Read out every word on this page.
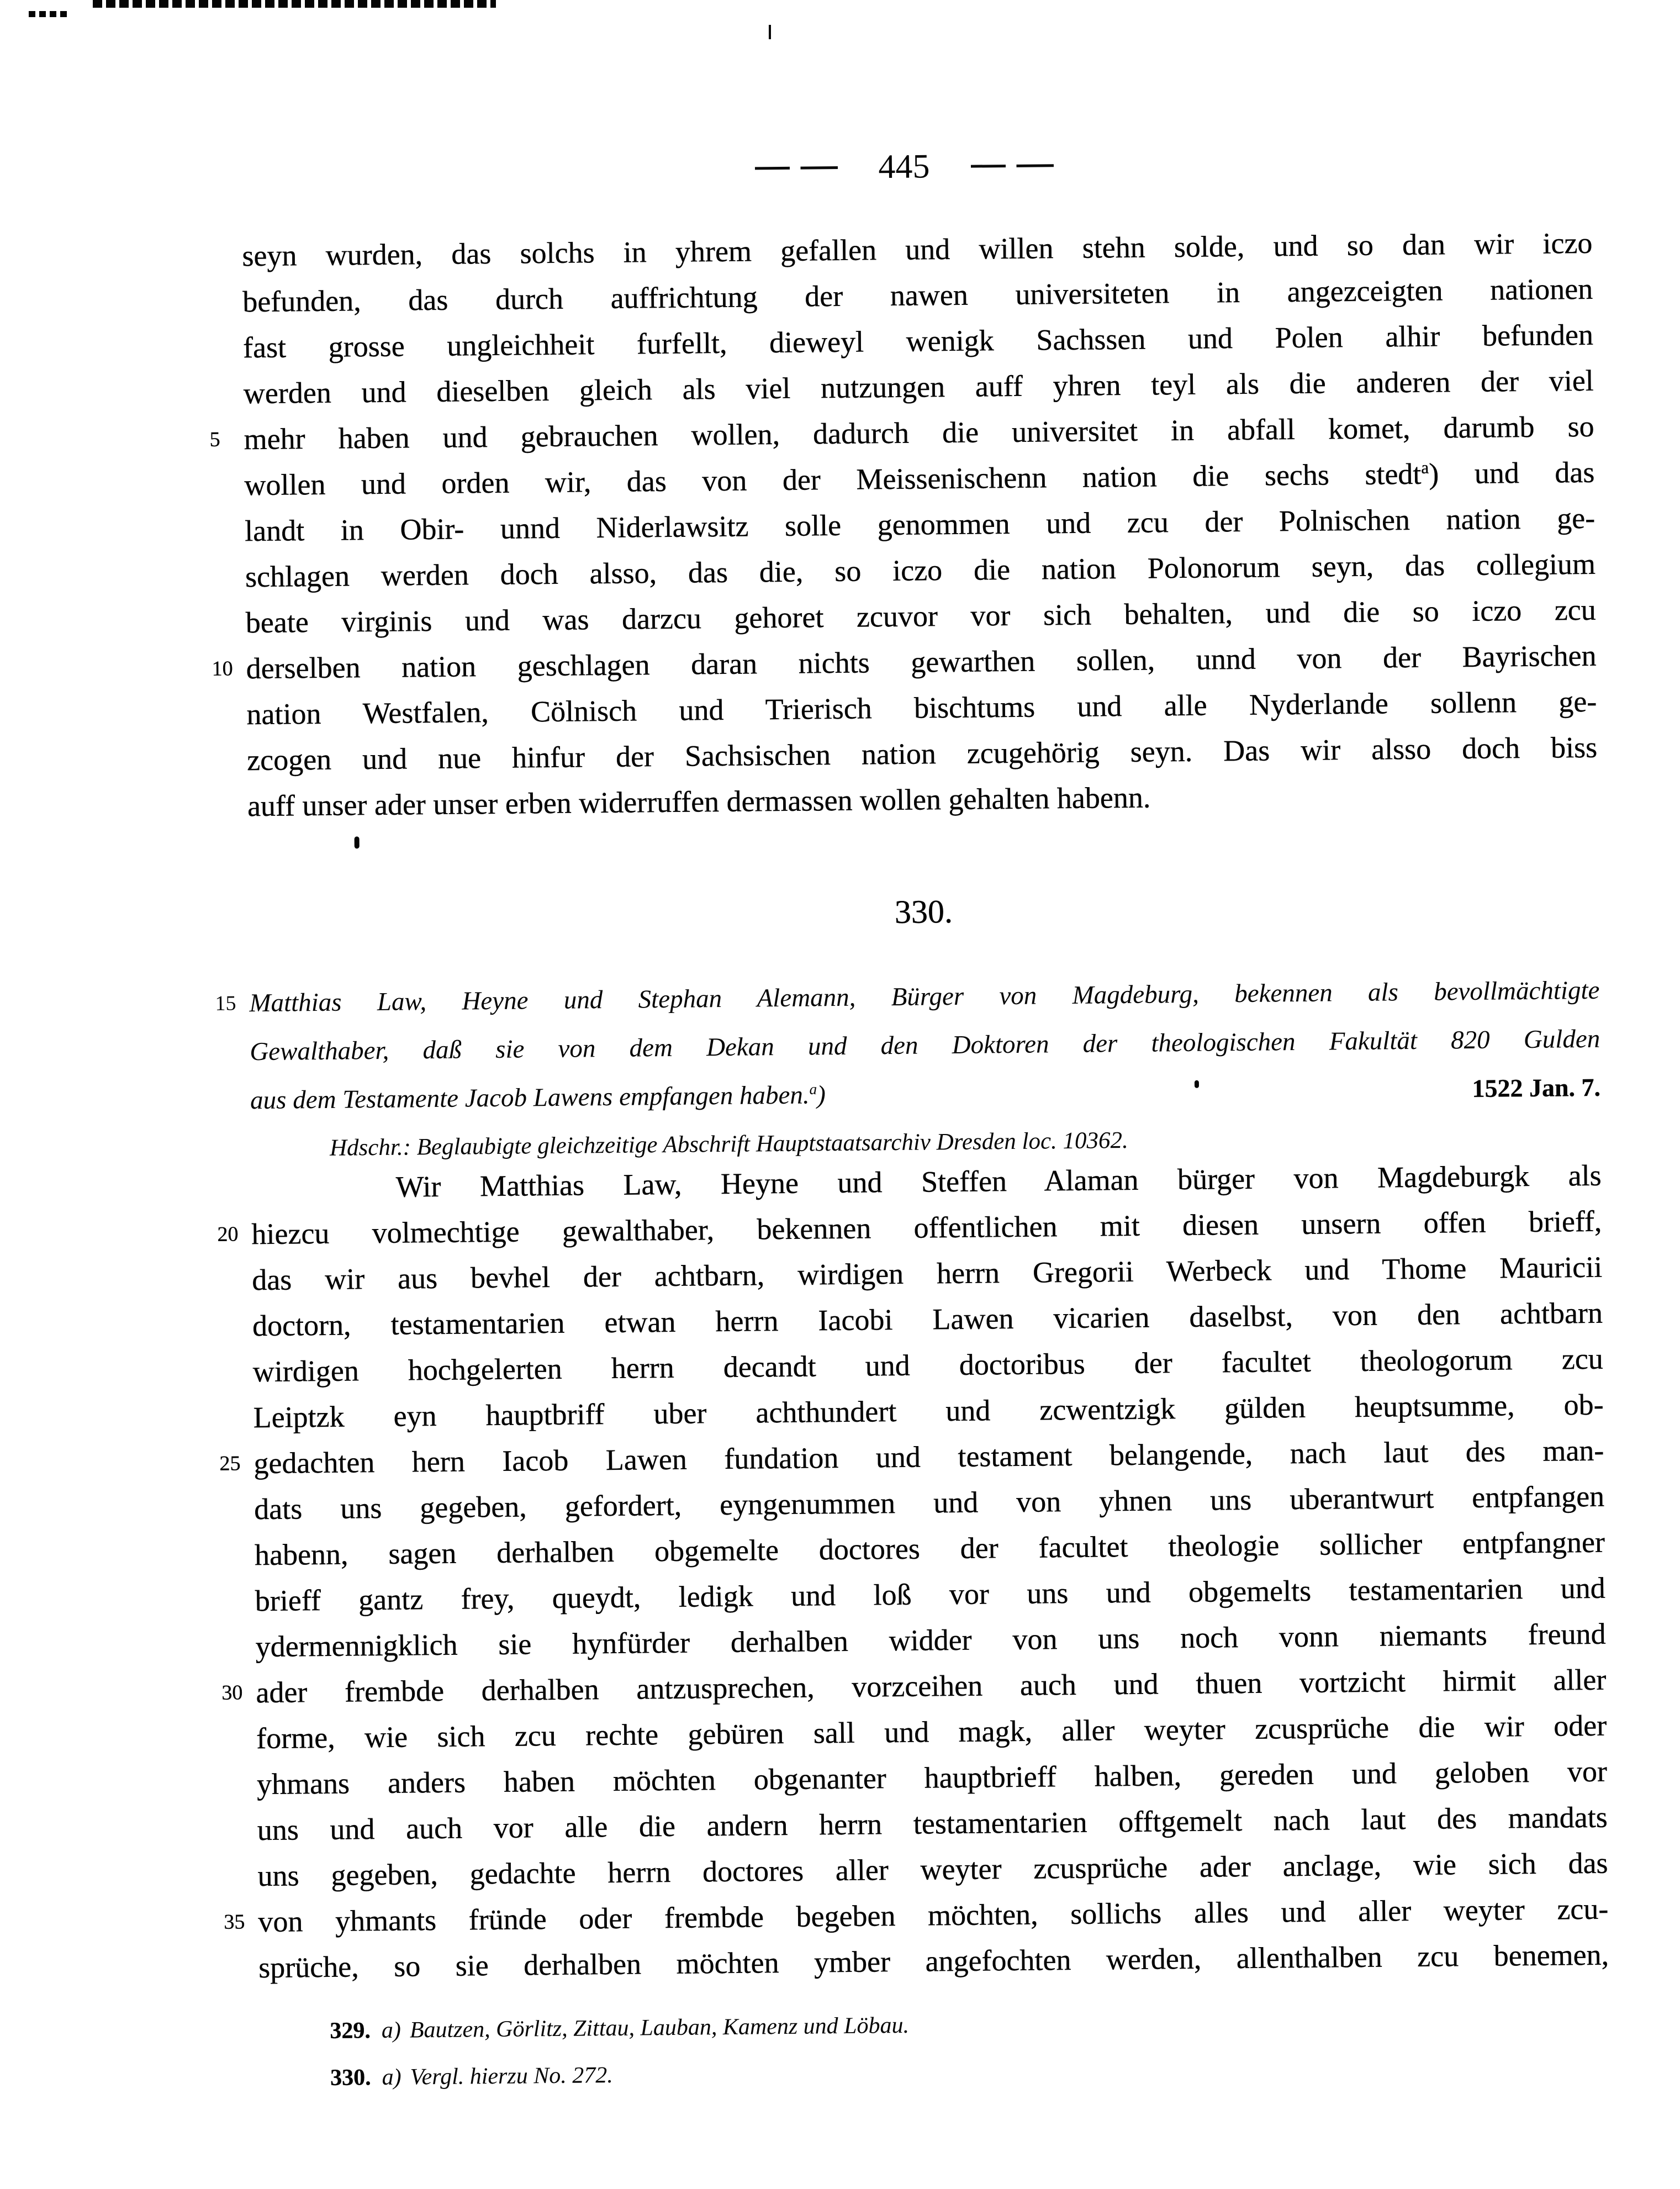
445
seyn wurden, das solchs in yhrem gefallen und willen stehn solde, und so dan wir iczo
befunden, das durch auffrichtung der nawen universiteten in angezceigten nationen
fast grosse ungleichheit furfellt, dieweyl wenigk Sachssen und Polen alhir befunden
werden und dieselben gleich als viel nutzungen auff yhren teyl als die anderen der viel
5 mehr haben und gebrauchen wollen, dadurch die universitet in abfall komet, darumb so
wollen und orden wir, das von der Meissenischenn nation die sechs stedt$^a$) und das
landt in Obir- unnd Niderlawsitz solle genommen und zcu der Polnischen nation ge-
schlagen werden doch alsso, das die, so iczo die nation Polonorum seyn, das collegium
beate virginis und was darzcu gehoret zcuvor vor sich behalten, und die so iczo zcu
10 derselben nation geschlagen daran nichts gewarthen sollen, unnd von der Bayrischen
nation Westfalen, Cölnisch und Trierisch bischtums und alle Nyderlande sollenn ge-
zcogen und nue hinfur der Sachsischen nation zcugehörig seyn. Das wir alsso doch biss
auff unser ader unser erben widerruffen dermassen wollen gehalten habenn.
330.
15 Matthias Law, Heyne und Stephan Alemann, Bürger von Magdeburg, bekennen als bevollmächtigte
Gewalthaber, daß sie von dem Dekan und den Doktoren der theologischen Fakultät 820 Gulden
aus dem Testamente Jacob Lawens empfangen haben.$^a$)	1522 Jan. 7.
Hdschr.: Beglaubigte gleichzeitige Abschrift Hauptstaatsarchiv Dresden loc. 10362.
Wir Matthias Law, Heyne und Steffen Alaman bürger von Magdeburgk als
20 hiezcu volmechtige gewalthaber, bekennen offentlichen mit diesen unsern offen brieff,
das wir aus bevhel der achtbarn, wirdigen herrn Gregorii Werbeck und Thome Mauricii
doctorn, testamentarien etwan herrn Iacobi Lawen vicarien daselbst, von den achtbarn
wirdigen hochgelerten herrn decandt und doctoribus der facultet theologorum zcu
Leiptzk eyn hauptbriff uber achthundert und zcwentzigk gülden heuptsumme, ob-
25 gedachten hern Iacob Lawen fundation und testament belangende, nach laut des man-
dats uns gegeben, gefordert, eyngenummen und von yhnen uns uberantwurt entpfangen
habenn, sagen derhalben obgemelte doctores der facultet theologie sollicher entpfangner
brieff gantz frey, queydt, ledigk und loß vor uns und obgemelts testamentarien und
ydermennigklich sie hynfürder derhalben widder von uns noch vonn niemants freund
30 ader frembde derhalben antzusprechen, vorzceihen auch und thuen vortzicht hirmit aller
forme, wie sich zcu rechte gebüren sall und magk, aller weyter zcusprüche die wir oder
yhmans anders haben möchten obgenanter hauptbrieff halben, gereden und geloben vor
uns und auch vor alle die andern herrn testamentarien offtgemelt nach laut des mandats
uns gegeben, gedachte herrn doctores aller weyter zcusprüche ader anclage, wie sich das
35 von yhmants fründe oder frembde begeben möchten, sollichs alles und aller weyter zcu-
sprüche, so sie derhalben möchten ymber angefochten werden, allenthalben zcu benemen,
329. a) Bautzen, Görlitz, Zittau, Lauban, Kamenz und Löbau.
330. a) Vergl. hierzu No. 272.
